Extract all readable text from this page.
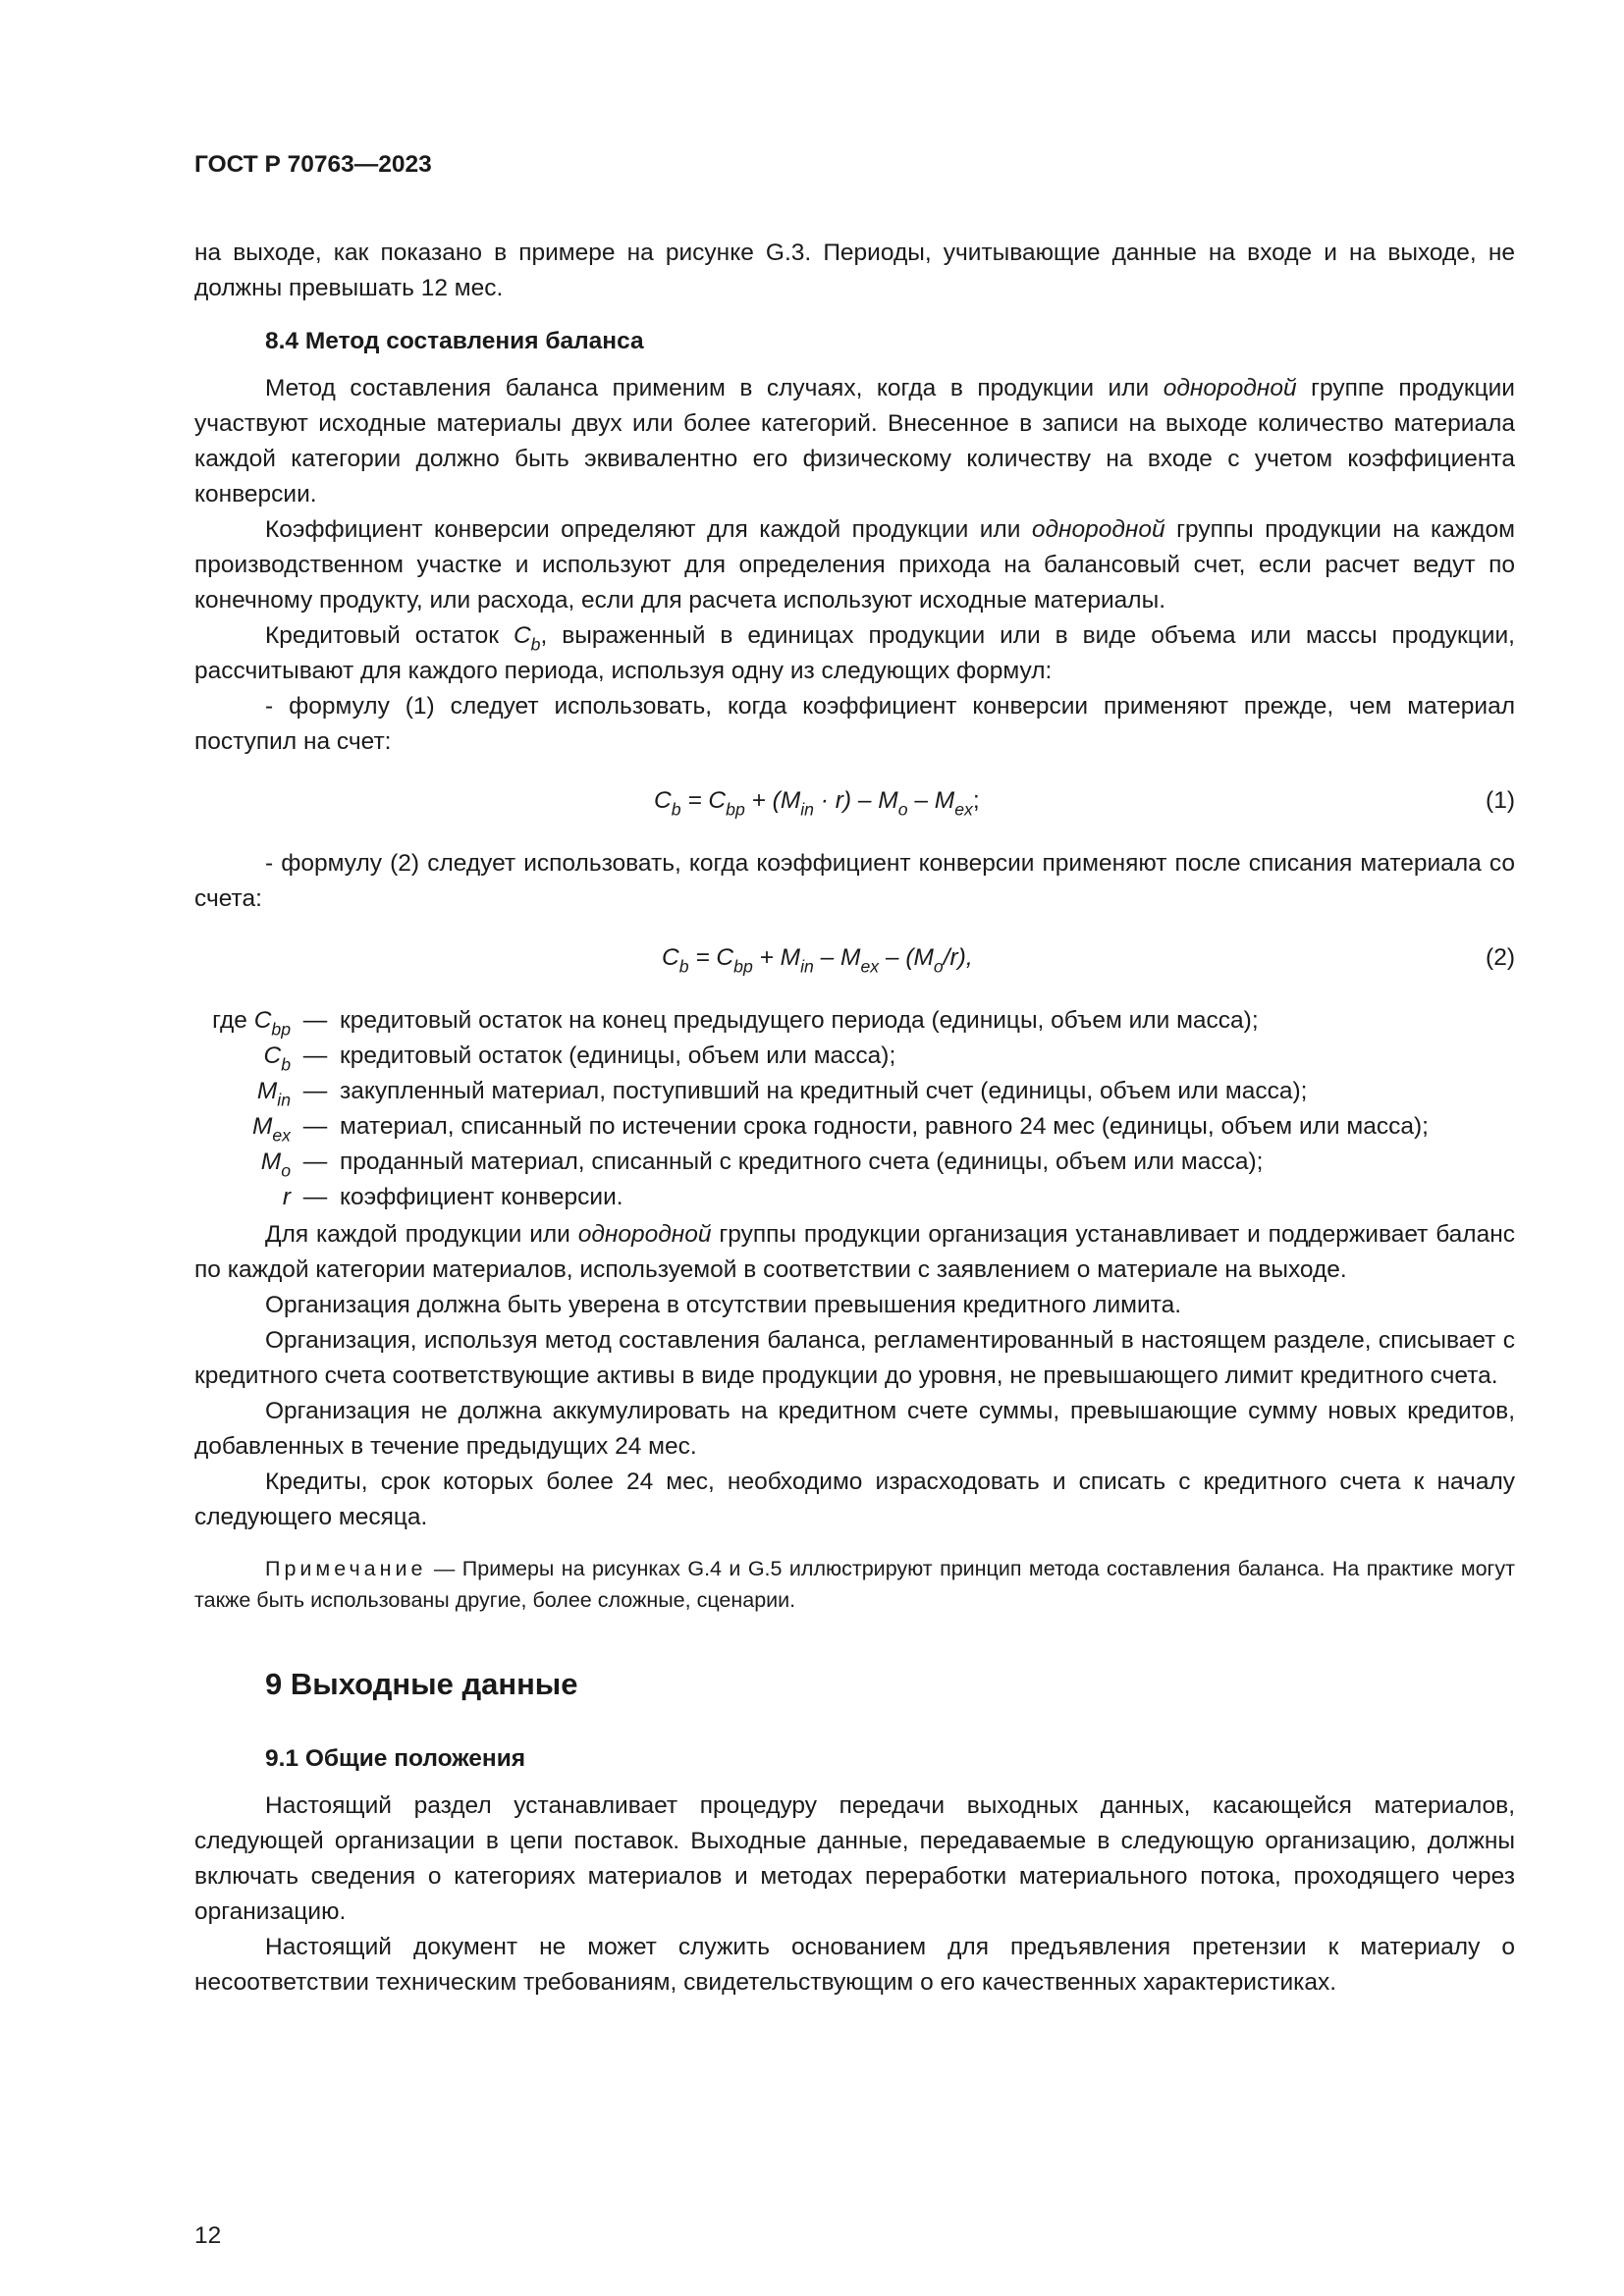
ГОСТ Р 70763—2023

на выходе, как показано в примере на рисунке G.3. Периоды, учитывающие данные на входе и на выходе, не должны превышать 12 мес.

8.4 Метод составления баланса

Метод составления баланса применим в случаях, когда в продукции или однородной группе продукции участвуют исходные материалы двух или более категорий. Внесенное в записи на выходе количество материала каждой категории должно быть эквивалентно его физическому количеству на входе с учетом коэффициента конверсии.

Коэффициент конверсии определяют для каждой продукции или однородной группы продукции на каждом производственном участке и используют для определения прихода на балансовый счет, если расчет ведут по конечному продукту, или расхода, если для расчета используют исходные материалы.

Кредитовый остаток $C_b$, выраженный в единицах продукции или в виде объема или массы продукции, рассчитывают для каждого периода, используя одну из следующих формул:

- формулу (1) следует использовать, когда коэффициент конверсии применяют прежде, чем материал поступил на счет:

$C_b = C_{bp} + (M_{in} \cdot r) - M_o - M_{ex}$;	(1)

- формулу (2) следует использовать, когда коэффициент конверсии применяют после списания материала со счета:

$C_b = C_{bp} + M_{in} - M_{ex} - (M_o/r)$,	(2)
где $C_{bp}$ — кредитовый остаток на конец предыдущего периода (единицы, объем или масса);
$C_b$ — кредитовый остаток (единицы, объем или масса);
$M_{in}$ — закупленный материал, поступивший на кредитный счет (единицы, объем или масса);
$M_{ex}$ — материал, списанный по истечении срока годности, равного 24 мес (единицы, объем или масса);
$M_o$ — проданный материал, списанный с кредитного счета (единицы, объем или масса);
r — коэффициент конверсии.

Для каждой продукции или однородной группы продукции организация устанавливает и поддерживает баланс по каждой категории материалов, используемой в соответствии с заявлением о материале на выходе.

Организация должна быть уверена в отсутствии превышения кредитного лимита.

Организация, используя метод составления баланса, регламентированный в настоящем разделе, списывает с кредитного счета соответствующие активы в виде продукции до уровня, не превышающего лимит кредитного счета.

Организация не должна аккумулировать на кредитном счете суммы, превышающие сумму новых кредитов, добавленных в течение предыдущих 24 мес.

Кредиты, срок которых более 24 мес, необходимо израсходовать и списать с кредитного счета к началу следующего месяца.

Примечание — Примеры на рисунках G.4 и G.5 иллюстрируют принцип метода составления баланса. На практике могут также быть использованы другие, более сложные, сценарии.

9 Выходные данные
9.1 Общие положения

Настоящий раздел устанавливает процедуру передачи выходных данных, касающейся материалов, следующей организации в цепи поставок. Выходные данные, передаваемые в следующую организацию, должны включать сведения о категориях материалов и методах переработки материального потока, проходящего через организацию.

Настоящий документ не может служить основанием для предъявления претензии к материалу о несоответствии техническим требованиям, свидетельствующим о его качественных характеристиках.

12
